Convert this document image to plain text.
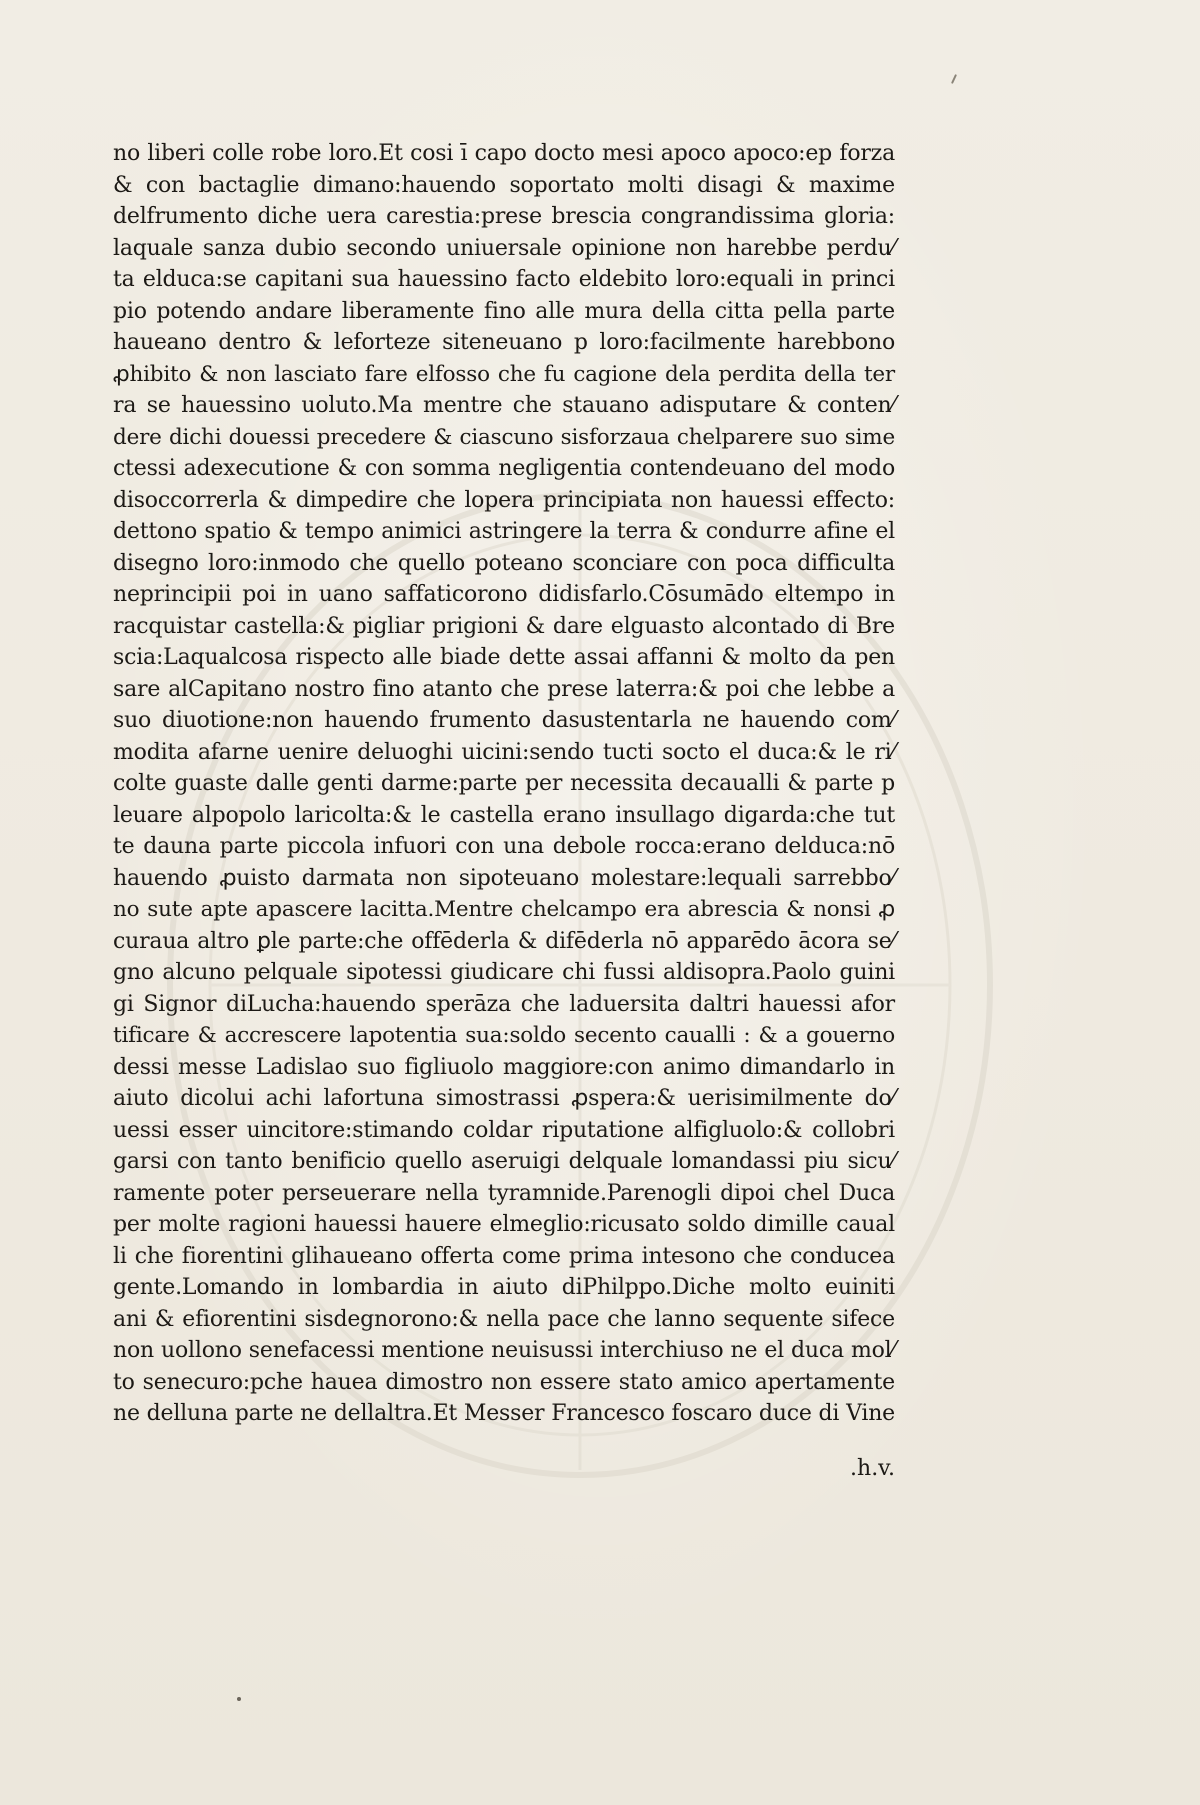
no liberi colle robe loro.Et cosi ī capo docto mesi apoco apoco:ep forza
& con bactaglie dimano:hauendo soportato molti disagi & maxime
delfrumento diche uera carestia:prese brescia congrandissima gloria:
laquale sanza dubio secondo uniuersale opinione non harebbe perdu⁄
ta elduca:se capitani sua hauessino facto eldebito loro:equali in princi
pio potendo andare liberamente fino alle mura della citta pella parte
haueano dentro & leforteze siteneuano p loro:facilmente harebbono
ꝓhibito & non lasciato fare elfosso che fu cagione dela perdita della ter
ra se hauessino uoluto.Ma mentre che stauano adisputare & conten⁄
dere dichi douessi precedere & ciascuno sisforzaua chelparere suo sime
ctessi adexecutione & con somma negligentia contendeuano del modo
disoccorrerla & dimpedire che lopera principiata non hauessi effecto:
dettono spatio & tempo animici astringere la terra & condurre afine el
disegno loro:inmodo che quello poteano sconciare con poca difficulta
neprincipii poi in uano saffaticorono didisfarlo.Cōsumādo eltempo in
racquistar castella:& pigliar prigioni & dare elguasto alcontado di Bre
scia:Laqualcosa rispecto alle biade dette assai affanni & molto da pen
sare alCapitano nostro fino atanto che prese laterra:& poi che lebbe a
suo diuotione:non hauendo frumento dasustentarla ne hauendo com⁄
modita afarne uenire deluoghi uicini:sendo tucti socto el duca:& le ri⁄
colte guaste dalle genti darme:parte per necessita decaualli & parte p
leuare alpopolo laricolta:& le castella erano insullago digarda:che tut
te dauna parte piccola infuori con una debole rocca:erano delduca:nō
hauendo ꝓuisto darmata non sipoteuano molestare:lequali sarrebbo⁄
no sute apte apascere lacitta.Mentre chelcampo era abrescia & nonsi ꝓ
curaua altro ꝑle parte:che offēderla & difēderla nō apparēdo ācora se⁄
gno alcuno pelquale sipotessi giudicare chi fussi aldisopra.Paolo guini
gi Signor diLucha:hauendo sperāza che laduersita daltri hauessi afor
tificare & accrescere lapotentia sua:soldo secento caualli : & a gouerno
dessi messe Ladislao suo figliuolo maggiore:con animo dimandarlo in
aiuto dicolui achi lafortuna simostrassi ꝓspera:& uerisimilmente do⁄
uessi esser uincitore:stimando coldar riputatione alfigluolo:& collobri
garsi con tanto benificio quello aseruigi delquale lomandassi piu sicu⁄
ramente poter perseuerare nella tyramnide.Parenogli dipoi chel Duca
per molte ragioni hauessi hauere elmeglio:ricusato soldo dimille caual
li che fiorentini glihaueano offerta come prima intesono che conducea
gente.Lomando in lombardia in aiuto diPhilppo.Diche molto euiniti
ani & efiorentini sisdegnorono:& nella pace che lanno sequente sifece
non uollono senefacessi mentione neuisussi interchiuso ne el duca mol⁄
to senecuro:pche hauea dimostro non essere stato amico apertamente
ne delluna parte ne dellaltra.Et Messer Francesco foscaro duce di Vine
.h.v.
